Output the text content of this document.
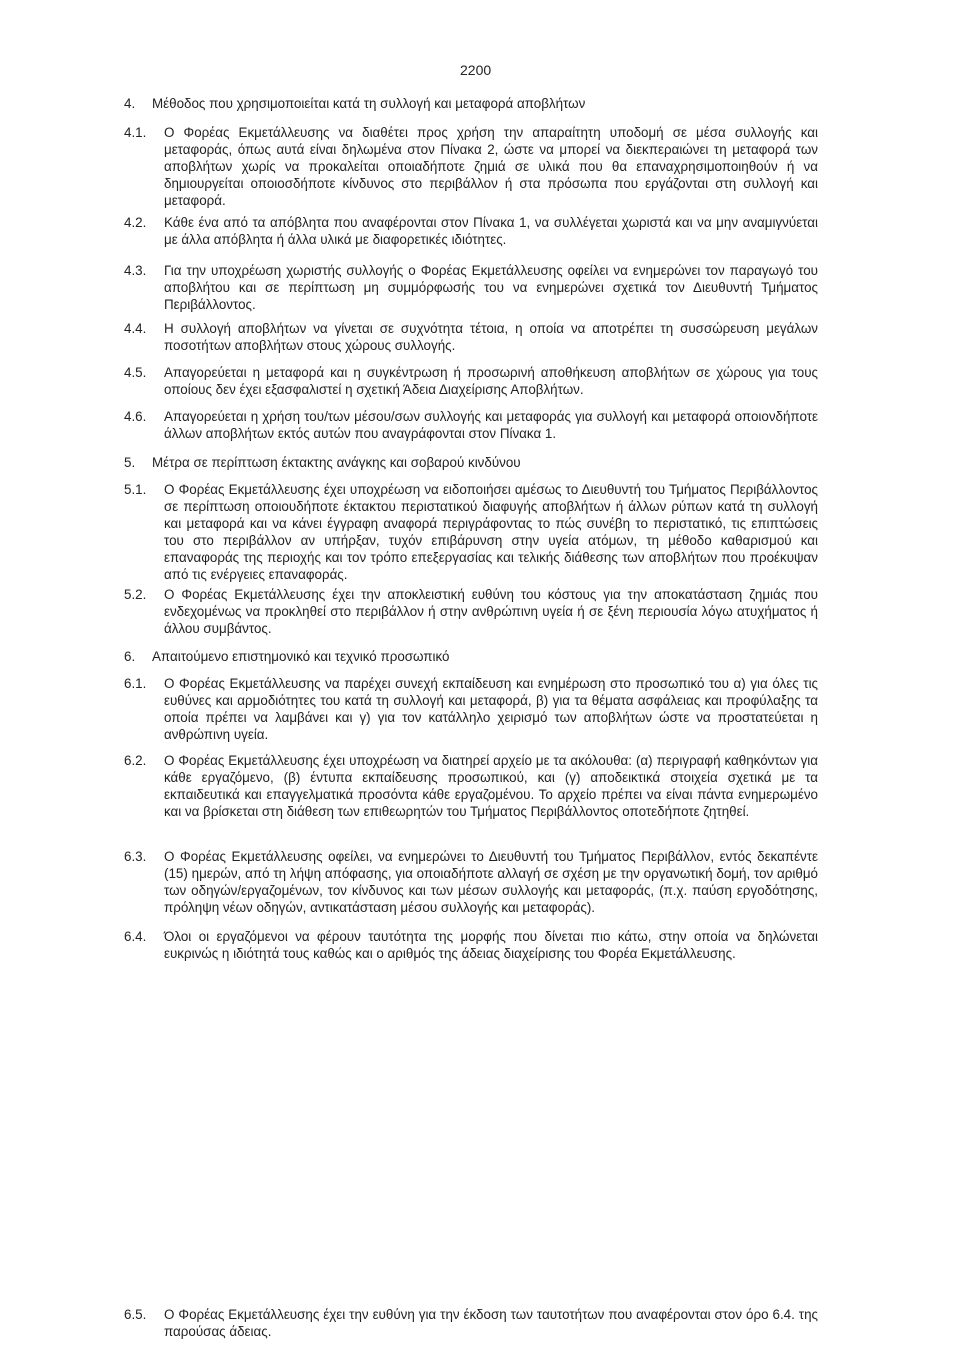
2200
4. Μέθοδος που χρησιμοποιείται κατά τη συλλογή και μεταφορά αποβλήτων
4.1. Ο Φορέας Εκμετάλλευσης να διαθέτει προς χρήση την απαραίτητη υποδομή σε μέσα συλλογής και μεταφοράς, όπως αυτά είναι δηλωμένα στον Πίνακα 2, ώστε να μπορεί να διεκπεραιώνει τη μεταφορά των αποβλήτων χωρίς να προκαλείται οποιαδήποτε ζημιά σε υλικά που θα επαναχρησιμοποιηθούν ή να δημιουργείται οποιοσδήποτε κίνδυνος στο περιβάλλον ή στα πρόσωπα που εργάζονται στη συλλογή και μεταφορά.
4.2. Κάθε ένα από τα απόβλητα που αναφέρονται στον Πίνακα 1, να συλλέγεται χωριστά και να μην αναμιγνύεται με άλλα απόβλητα ή άλλα υλικά με διαφορετικές ιδιότητες.
4.3. Για την υποχρέωση χωριστής συλλογής ο Φορέας Εκμετάλλευσης οφείλει να ενημερώνει τον παραγωγό του αποβλήτου και σε περίπτωση μη συμμόρφωσής του να ενημερώνει σχετικά τον Διευθυντή Τμήματος Περιβάλλοντος.
4.4. Η συλλογή αποβλήτων να γίνεται σε συχνότητα τέτοια, η οποία να αποτρέπει τη συσσώρευση μεγάλων ποσοτήτων αποβλήτων στους χώρους συλλογής.
4.5. Απαγορεύεται η μεταφορά και η συγκέντρωση ή προσωρινή αποθήκευση αποβλήτων σε χώρους για τους οποίους δεν έχει εξασφαλιστεί η σχετική Άδεια Διαχείρισης Αποβλήτων.
4.6. Απαγορεύεται η χρήση του/των μέσου/σων συλλογής και μεταφοράς για συλλογή και μεταφορά οποιονδήποτε άλλων αποβλήτων εκτός αυτών που αναγράφονται στον Πίνακα 1.
5. Μέτρα σε περίπτωση έκτακτης ανάγκης και σοβαρού κινδύνου
5.1. Ο Φορέας Εκμετάλλευσης έχει υποχρέωση να ειδοποιήσει αμέσως το Διευθυντή του Τμήματος Περιβάλλοντος σε περίπτωση οποιουδήποτε έκτακτου περιστατικού διαφυγής αποβλήτων ή άλλων ρύπων κατά τη συλλογή και μεταφορά και να κάνει έγγραφη αναφορά περιγράφοντας το πώς συνέβη το περιστατικό, τις επιπτώσεις του στο περιβάλλον αν υπήρξαν, τυχόν επιβάρυνση στην υγεία ατόμων, τη μέθοδο καθαρισμού και επαναφοράς της περιοχής και τον τρόπο επεξεργασίας και τελικής διάθεσης των αποβλήτων που προέκυψαν από τις ενέργειες επαναφοράς.
5.2. Ο Φορέας Εκμετάλλευσης έχει την αποκλειστική ευθύνη του κόστους για την αποκατάσταση ζημιάς που ενδεχομένως να προκληθεί στο περιβάλλον ή στην ανθρώπινη υγεία ή σε ξένη περιουσία λόγω ατυχήματος ή άλλου συμβάντος.
6. Απαιτούμενο επιστημονικό και τεχνικό προσωπικό
6.1. Ο Φορέας Εκμετάλλευσης να παρέχει συνεχή εκπαίδευση και ενημέρωση στο προσωπικό του α) για όλες τις ευθύνες και αρμοδιότητες του κατά τη συλλογή και μεταφορά, β) για τα θέματα ασφάλειας και προφύλαξης τα οποία πρέπει να λαμβάνει και γ) για τον κατάλληλο χειρισμό των αποβλήτων ώστε να προστατεύεται η ανθρώπινη υγεία.
6.2. Ο Φορέας Εκμετάλλευσης έχει υποχρέωση να διατηρεί αρχείο με τα ακόλουθα: (α) περιγραφή καθηκόντων για κάθε εργαζόμενο, (β) έντυπα εκπαίδευσης προσωπικού, και (γ) αποδεικτικά στοιχεία σχετικά με τα εκπαιδευτικά και επαγγελματικά προσόντα κάθε εργαζομένου. Το αρχείο πρέπει να είναι πάντα ενημερωμένο και να βρίσκεται στη διάθεση των επιθεωρητών του Τμήματος Περιβάλλοντος οποτεδήποτε ζητηθεί.
6.3. Ο Φορέας Εκμετάλλευσης οφείλει, να ενημερώνει το Διευθυντή του Τμήματος Περιβάλλον, εντός δεκαπέντε (15) ημερών, από τη λήψη απόφασης, για οποιαδήποτε αλλαγή σε σχέση με την οργανωτική δομή, τον αριθμό των οδηγών/εργαζομένων, τον κίνδυνος και των μέσων συλλογής και μεταφοράς, (π.χ. παύση εργοδότησης, πρόληψη νέων οδηγών, αντικατάσταση μέσου συλλογής και μεταφοράς).
6.4. Όλοι οι εργαζόμενοι να φέρουν ταυτότητα της μορφής που δίνεται πιο κάτω, στην οποία να δηλώνεται ευκρινώς η ιδιότητά τους καθώς και ο αριθμός της άδειας διαχείρισης του Φορέα Εκμετάλλευσης.
6.5. Ο Φορέας Εκμετάλλευσης έχει την ευθύνη για την έκδοση των ταυτοτήτων που αναφέρονται στον όρο 6.4. της παρούσας άδειας.
